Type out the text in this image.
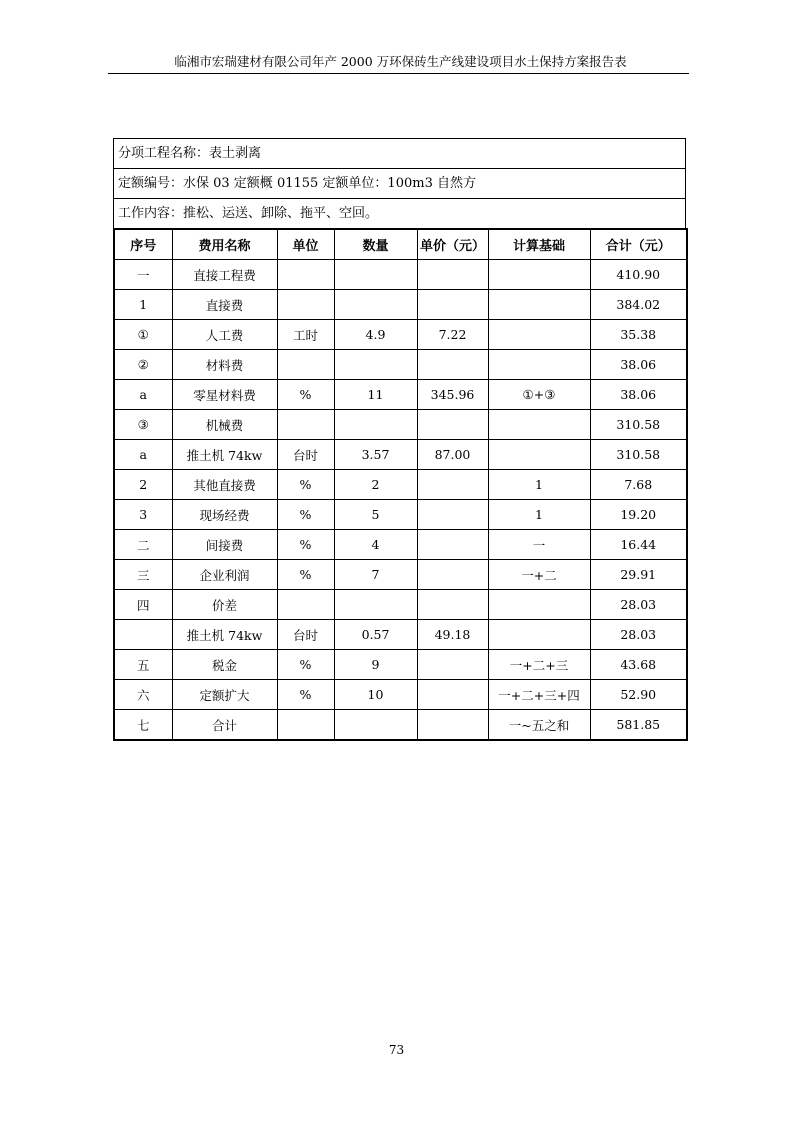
临湘市宏瑞建材有限公司年产 2000 万环保砖生产线建设项目水土保持方案报告表
分项工程名称：表土剥离
定额编号：水保 03 定额概 01155 定额单位：100m3 自然方
工作内容：推松、运送、卸除、拖平、空回。
序号	费用名称	单位	数量	单价（元）	计算基础	合计（元）
一	直接工程费					410.90
1	直接费					384.02
①	人工费	工时	4.9	7.22		35.38
②	材料费					38.06
a	零星材料费	%	11	345.96	①+③	38.06
③	机械费					310.58
a	推土机 74kw	台时	3.57	87.00		310.58
2	其他直接费	%	2		1	7.68
3	现场经费	%	5		1	19.20
二	间接费	%	4		一	16.44
三	企业利润	%	7		一+二	29.91
四	价差					28.03
	推土机 74kw	台时	0.57	49.18		28.03
五	税金	%	9		一+二+三	43.68
六	定额扩大	%	10		一+二+三+四	52.90
七	合计				一~五之和	581.85
73
